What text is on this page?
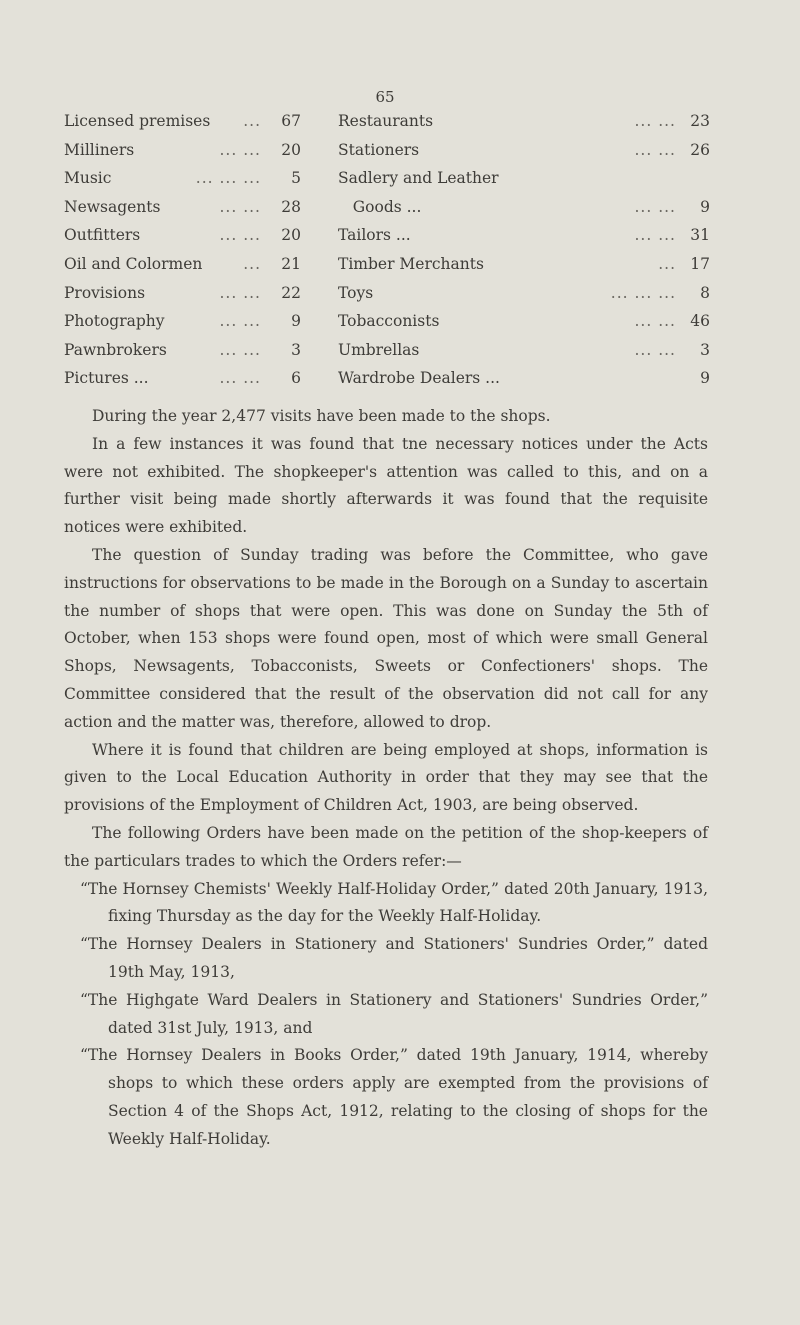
65
Licensed premises	...	67 Restaurants	... ... 23
Milliners	... ...	20 Stationers	... ... 26
Music	... ... ...	5 Sadlery and Leather
Newsagents	... ...	28 Goods ...	... ...	9
Outfitters	... ...	20 Tailors ...	... ... 31
Oil and Colormen	...	21 Timber Merchants	... 17
Provisions	... ...	22 Toys	... ... ...	8
Photography	... ...	9 Tobacconists	... ... 46
Pawnbrokers	... ...	3 Umbrellas	... ...	3
Pictures ...	... ...	6 Wardrobe Dealers ...	9

During the year 2,477 visits have been made to the shops.

In a few instances it was found that tne necessary notices under the Acts were not exhibited. The shopkeeper's attention was called to this, and on a further visit being made shortly afterwards it was found that the requisite notices were exhibited.

The question of Sunday trading was before the Committee, who gave instructions for observations to be made in the Borough on a Sunday to ascertain the number of shops that were open. This was done on Sunday the 5th of October, when 153 shops were found open, most of which were small General Shops, Newsagents, Tobacconists, Sweets or Confectioners' shops. The Committee considered that the result of the observation did not call for any action and the matter was, therefore, allowed to drop.

Where it is found that children are being employed at shops, information is given to the Local Education Authority in order that they may see that the provisions of the Employment of Children Act, 1903, are being observed.

The following Orders have been made on the petition of the shop-keepers of the particulars trades to which the Orders refer:—

“The Hornsey Chemists' Weekly Half-Holiday Order,” dated 20th January, 1913, fixing Thursday as the day for the Weekly Half-Holiday.

“The Hornsey Dealers in Stationery and Stationers' Sundries Order,” dated 19th May, 1913,

“The Highgate Ward Dealers in Stationery and Stationers' Sundries Order,” dated 31st July, 1913, and

“The Hornsey Dealers in Books Order,” dated 19th January, 1914, whereby shops to which these orders apply are exempted from the provisions of Section 4 of the Shops Act, 1912, relating to the closing of shops for the Weekly Half-Holiday.
